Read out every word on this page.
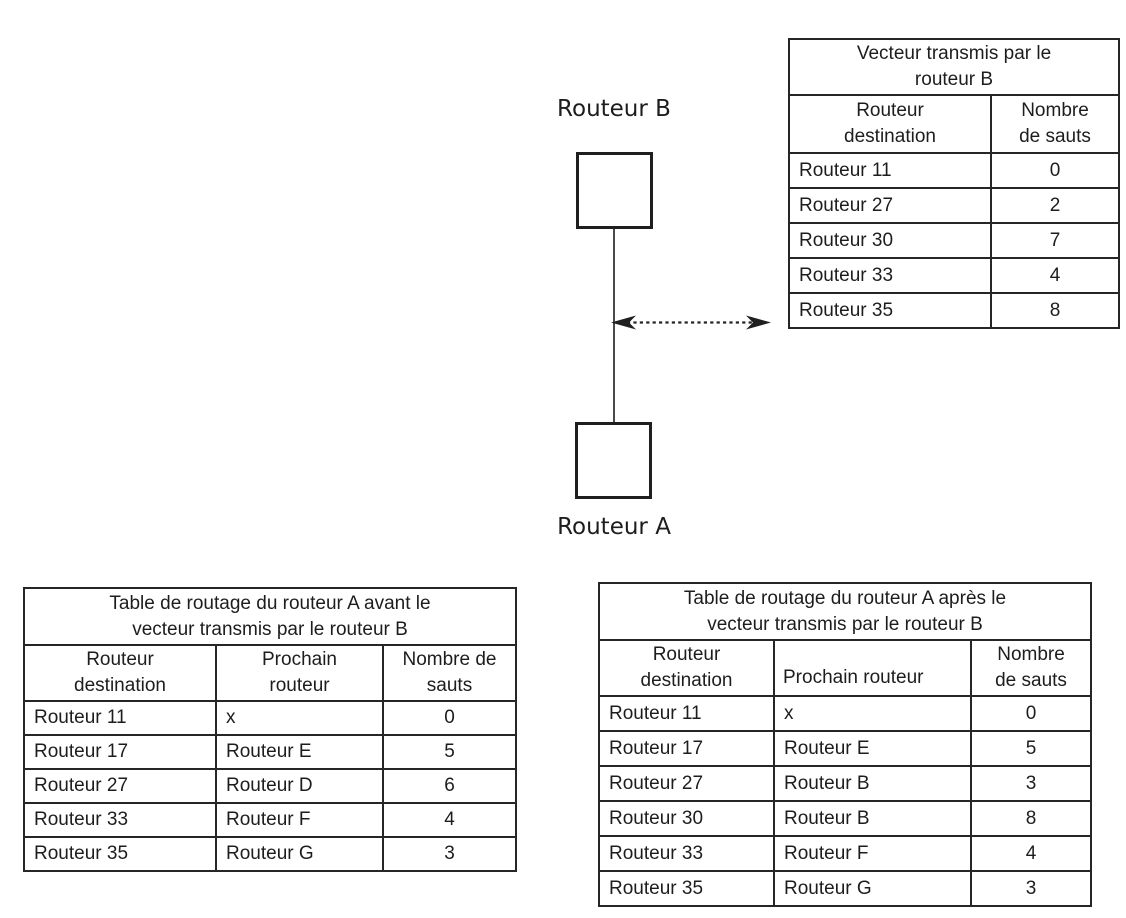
Routeur B
Routeur A
Vecteur transmis par le
routeur B	

Routeur
destination

Nombre
de sauts

Routeur 11	0
Routeur 27	2
Routeur 30	7
Routeur 33	4
Routeur 35	8
Table de routage du routeur A avant le
vecteur transmis par le routeur B		

Routeur
destination

Prochain
routeur

Nombre de
sauts

Routeur 11	x	0
Routeur 17	Routeur E	5
Routeur 27	Routeur D	6
Routeur 33	Routeur F	4
Routeur 35	Routeur G	3
Table de routage du routeur A après le
vecteur transmis par le routeur B		

Routeur
destination	Prochain routeur

Nombre
de sauts

Routeur 11	x	0
Routeur 17	Routeur E	5
Routeur 27	Routeur B	3
Routeur 30	Routeur B	8
Routeur 33	Routeur F	4
Routeur 35	Routeur G	3
